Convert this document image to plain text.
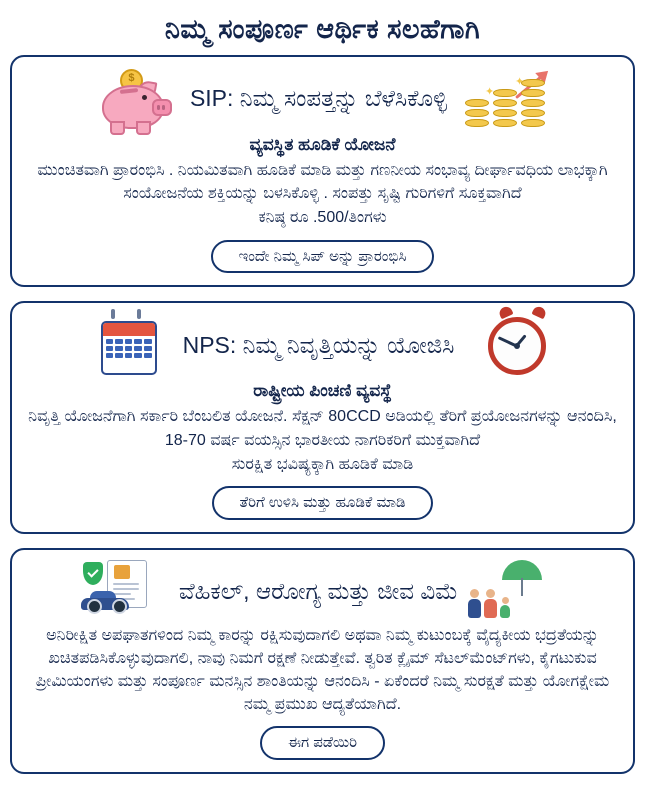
ನಿಮ್ಮ ಸಂಪೂರ್ಣ ಆರ್ಥಿಕ ಸಲಹೆಗಾಗಿ
$
SIP: ನಿಮ್ಮ ಸಂಪತ್ತನ್ನು ಬೆಳೆಸಿಕೊಳ್ಳಿ	✦
✦
ವ್ಯವಸ್ಥಿತ ಹೂಡಿಕೆ ಯೋಜನೆ
ಮುಂಚಿತವಾಗಿ ಪ್ರಾರಂಭಿಸಿ . ನಿಯಮಿತವಾಗಿ ಹೂಡಿಕೆ ಮಾಡಿ ಮತ್ತು ಗಣನೀಯ ಸಂಭಾವ್ಯ ದೀರ್ಘಾವಧಿಯ ಲಾಭಕ್ಕಾಗಿ ಸಂಯೋಜನೆಯ ಶಕ್ತಿಯನ್ನು ಬಳಸಿಕೊಳ್ಳಿ . ಸಂಪತ್ತು ಸೃಷ್ಟಿ ಗುರಿಗಳಿಗೆ ಸೂಕ್ತವಾಗಿದೆ
ಕನಿಷ್ಠ ರೂ .500/ತಿಂಗಳು
ಇಂದೇ ನಿಮ್ಮ ಸಿಪ್ ಅನ್ನು ಪ್ರಾರಂಭಿಸಿ
NPS: ನಿಮ್ಮ ನಿವೃತ್ತಿಯನ್ನು ಯೋಜಿಸಿ
ರಾಷ್ಟ್ರೀಯ ಪಿಂಚಣಿ ವ್ಯವಸ್ಥೆ
ನಿವೃತ್ತಿ ಯೋಜನೆಗಾಗಿ ಸರ್ಕಾರಿ ಬೆಂಬಲಿತ ಯೋಜನೆ. ಸೆಕ್ಷನ್ 80CCD ಅಡಿಯಲ್ಲಿ ತೆರಿಗೆ ಪ್ರಯೋಜನಗಳನ್ನು ಆನಂದಿಸಿ, 18-70 ವರ್ಷ ವಯಸ್ಸಿನ ಭಾರತೀಯ ನಾಗರಿಕರಿಗೆ ಮುಕ್ತವಾಗಿದೆ
ಸುರಕ್ಷಿತ ಭವಿಷ್ಯಕ್ಕಾಗಿ ಹೂಡಿಕೆ ಮಾಡಿ
ತೆರಿಗೆ ಉಳಿಸಿ ಮತ್ತು ಹೂಡಿಕೆ ಮಾಡಿ
ವೆಹಿಕಲ್, ಆರೋಗ್ಯ ಮತ್ತು ಜೀವ ವಿಮೆ
ಅನಿರೀಕ್ಷಿತ ಅಪಘಾತಗಳಿಂದ ನಿಮ್ಮ ಕಾರನ್ನು ರಕ್ಷಿಸುವುದಾಗಲಿ ಅಥವಾ ನಿಮ್ಮ ಕುಟುಂಬಕ್ಕೆ ವೈದ್ಯಕೀಯ ಭದ್ರತೆಯನ್ನು ಖಚಿತಪಡಿಸಿಕೊಳ್ಳುವುದಾಗಲಿ, ನಾವು ನಿಮಗೆ ರಕ್ಷಣೆ ನೀಡುತ್ತೇವೆ. ತ್ವರಿತ ಕ್ಲೈಮ್ ಸೆಟಲ್‌ಮೆಂಟ್‌ಗಳು, ಕೈಗಟುಕುವ ಪ್ರೀಮಿಯಂಗಳು ಮತ್ತು ಸಂಪೂರ್ಣ ಮನಸ್ಸಿನ ಶಾಂತಿಯನ್ನು ಆನಂದಿಸಿ - ಏಕೆಂದರೆ ನಿಮ್ಮ ಸುರಕ್ಷತೆ ಮತ್ತು ಯೋಗಕ್ಷೇಮ ನಮ್ಮ ಪ್ರಮುಖ ಆದ್ಯತೆಯಾಗಿದೆ.
ಈಗ ಪಡೆಯಿರಿ
